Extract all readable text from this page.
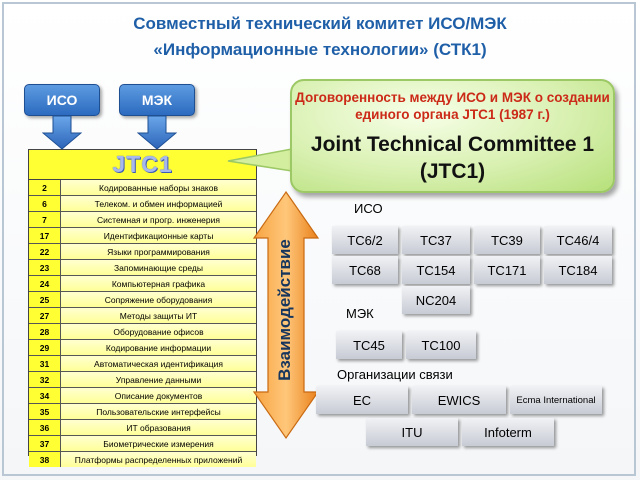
Совместный технический комитет ИСО/МЭК
«Информационные технологии» (СТК1)
ИСО	МЭК
JTC1
2	Кодированные наборы знаков
6	Телеком. и обмен информацией
7	Системная и прогр. инженерия
17	Идентификационные карты
22	Языки программирования
23	Запоминающие среды
24	Компьютерная графика
25	Сопряжение оборудования
27	Методы защиты ИТ
28	Оборудование офисов
29	Кодирование информации
31	Автоматическая идентификация
32	Управление данными
34	Описание документов
35	Пользовательские интерфейсы
36	ИТ образования
37	Биометрические измерения
38	Платформы распределенных приложений
Взаимодействие
Договоренность между ИСО и МЭК о создании единого органа JTC1 (1987 г.)
Joint Technical Committee 1 (JTC1)
ИСО
МЭК
Организации связи
TC6/2	TC37	TC39	TC46/4
TC68	TC154	TC171	TC184
NC204
TC45	TC100
EC	EWICS	Ecma International
ITU	Infoterm
